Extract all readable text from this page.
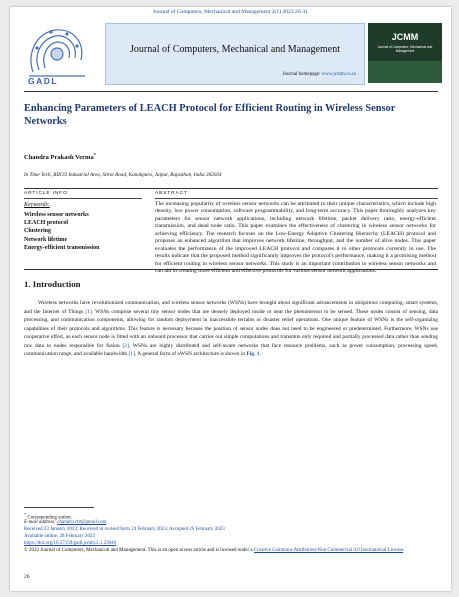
Journal of Computers, Mechanical and Management 2(1) 2023 26-31
GADL
Journal of Computers, Mechanical and Management
Journal homepage: www.jcmm.co.in
JCMM
Journal of Computers, Mechanical and Management
Enhancing Parameters of LEACH Protocol for Efficient Routing in Wireless Sensor Networks
Chandra Prakash Verma*
In Time Tech, RIICO Industrial Area, Sitrot Road, Kanakpura, Jaipur, Rajasthan, India 302034
ARTICLE INFO
Keywords:
Wireless sensor networks
LEACH protocol
Clustering
Network lifetime
Energy-efficient transmission
ABSTRACT
The increasing popularity of wireless sensor networks can be attributed to their unique characteristics, which include high density, low power consumption, software programmability, and long-term accuracy. This paper thoroughly analyzes key parameters for sensor network applications, including network lifetime, packet delivery ratio, energy-efficient transmission, and dead node ratio. This paper examines the effectiveness of clustering in wireless sensor networks for achieving efficiency. The research focuses on the Low-Energy Adaptive Clustering Hierarchy (LEACH) protocol and proposes an enhanced algorithm that improves network lifetime, throughput, and the number of alive nodes. This paper evaluates the performance of the improved LEACH protocol and compares it to other protocols currently in use. The results indicate that the proposed method significantly improves the protocol's performance, making it a promising method for efficient routing in wireless sensor networks. This study is an important contribution to wireless sensor networks and can aid in creating more efficient and effective protocols for various sensor network applications.
1. Introduction
Wireless networks have revolutionized communication, and wireless sensor networks (WSNs) have brought about significant advancements in ubiquitous computing, smart systems, and the Internet of Things [1]. WSNs comprise several tiny sensor nodes that are densely deployed inside or near the phenomenon to be sensed. These nodes consist of sensing, data processing, and communication components, allowing for random deployment in inaccessible terrains or disaster relief operations. One unique feature of WSNs is the self-organizing capabilities of their protocols and algorithms. This feature is necessary because the position of sensor nodes does not need to be engineered or predetermined. Furthermore, WSNs use cooperative effort, as each sensor node is fitted with an onboard processor that carries out simple computations and transmits only required and partially processed data rather than sending raw data to nodes responsible for fusion [2]. WSNs are highly distributed and self-aware networks that face resource problems, such as power consumption, processing speed, communication range, and available bandwidth [1]. A general form of aWSN architecture is shown in Fig. 1.
* Corresponding author.
E-mail address: chandra.rbt@gmail.com
Received 23 January 2023; Received in revised form 24 February 2023; Accepted 26 February 2023
Available online: 28 February 2023
https://doi.org/10.57159/gadl.jcmm.2.1.23040
© 2022 Journal of Computers, Mechanical and Management. This is an open access article and is licensed under a Creative Commons Attribution-Non Commercial 4.0 International License.
26
